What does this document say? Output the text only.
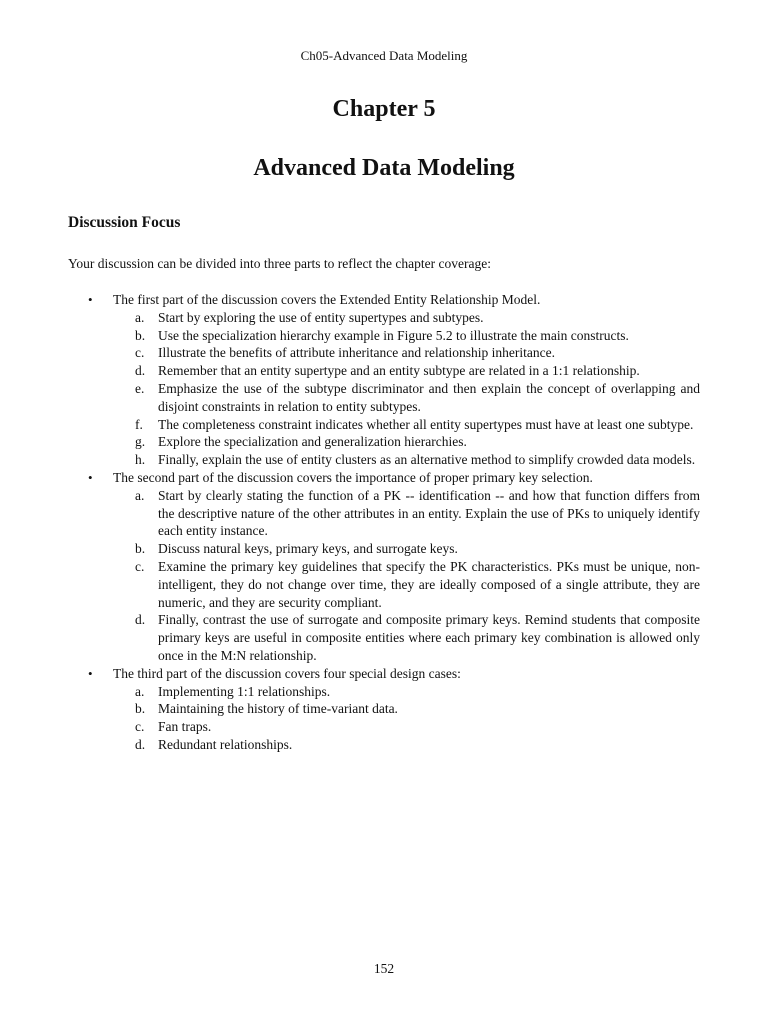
Ch05-Advanced Data Modeling
Chapter 5
Advanced Data Modeling
Discussion Focus
Your discussion can be divided into three parts to reflect the chapter coverage:
• The first part of the discussion covers the Extended Entity Relationship Model.
a. Start by exploring the use of entity supertypes and subtypes.
b. Use the specialization hierarchy example in Figure 5.2 to illustrate the main constructs.
c. Illustrate the benefits of attribute inheritance and relationship inheritance.
d. Remember that an entity supertype and an entity subtype are related in a 1:1 relationship.
e. Emphasize the use of the subtype discriminator and then explain the concept of overlapping and disjoint constraints in relation to entity subtypes.
f. The completeness constraint indicates whether all entity supertypes must have at least one subtype.
g. Explore the specialization and generalization hierarchies.
h. Finally, explain the use of entity clusters as an alternative method to simplify crowded data models.
• The second part of the discussion covers the importance of proper primary key selection.
a. Start by clearly stating the function of a PK -- identification -- and how that function differs from the descriptive nature of the other attributes in an entity. Explain the use of PKs to uniquely identify each entity instance.
b. Discuss natural keys, primary keys, and surrogate keys.
c. Examine the primary key guidelines that specify the PK characteristics. PKs must be unique, non-intelligent, they do not change over time, they are ideally composed of a single attribute, they are numeric, and they are security compliant.
d. Finally, contrast the use of surrogate and composite primary keys. Remind students that composite primary keys are useful in composite entities where each primary key combination is allowed only once in the M:N relationship.
• The third part of the discussion covers four special design cases:
a. Implementing 1:1 relationships.
b. Maintaining the history of time-variant data.
c. Fan traps.
d. Redundant relationships.
152
